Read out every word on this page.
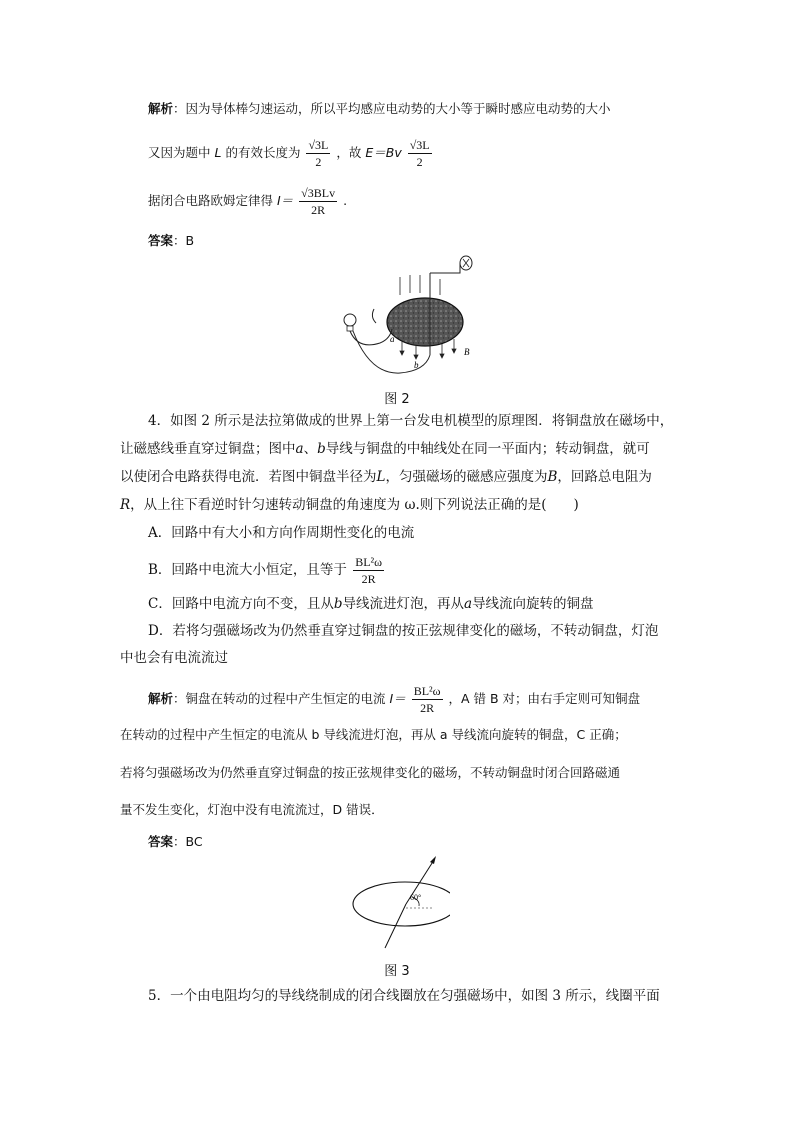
解析：因为导体棒匀速运动，所以平均感应电动势的大小等于瞬时感应电动势的大小
又因为题中 L 的有效长度为 $\frac{√3L}{2}$ ，故 $E=Bv \frac{√3L}{2}$
据闭合电路欧姆定律得 $I= \frac{\text{√3BLv}}{2R}$ .
答案：B
a
b
B
图 2
4．如图 2 所示是法拉第做成的世界上第一台发电机模型的原理图．将铜盘放在磁场中，
让磁感线垂直穿过铜盘；图中a、b导线与铜盘的中轴线处在同一平面内；转动铜盘，就可
以使闭合电路获得电流．若图中铜盘半径为L，匀强磁场的磁感应强度为B，回路总电阻为
R，从上往下看逆时针匀速转动铜盘的角速度为 ω.则下列说法正确的是(　　)
A．回路中有大小和方向作周期性变化的电流
B．回路中电流大小恒定，且等于 $\frac{\text{BL²ω}}{2R}$
C．回路中电流方向不变，且从b导线流进灯泡，再从a导线流向旋转的铜盘
D．若将匀强磁场改为仍然垂直穿过铜盘的按正弦规律变化的磁场，不转动铜盘，灯泡
中也会有电流流过
解析：铜盘在转动的过程中产生恒定的电流 $I= \frac{\text{BL²ω}}{2R}$ ，A 错 B 对；由右手定则可知铜盘
在转动的过程中产生恒定的电流从 b 导线流进灯泡，再从 a 导线流向旋转的铜盘，C 正确；
若将匀强磁场改为仍然垂直穿过铜盘的按正弦规律变化的磁场，不转动铜盘时闭合回路磁通
量不发生变化，灯泡中没有电流流过，D 错误．
答案：BC
60°
图 3
5．一个由电阻均匀的导线绕制成的闭合线圈放在匀强磁场中，如图 3 所示，线圈平面
